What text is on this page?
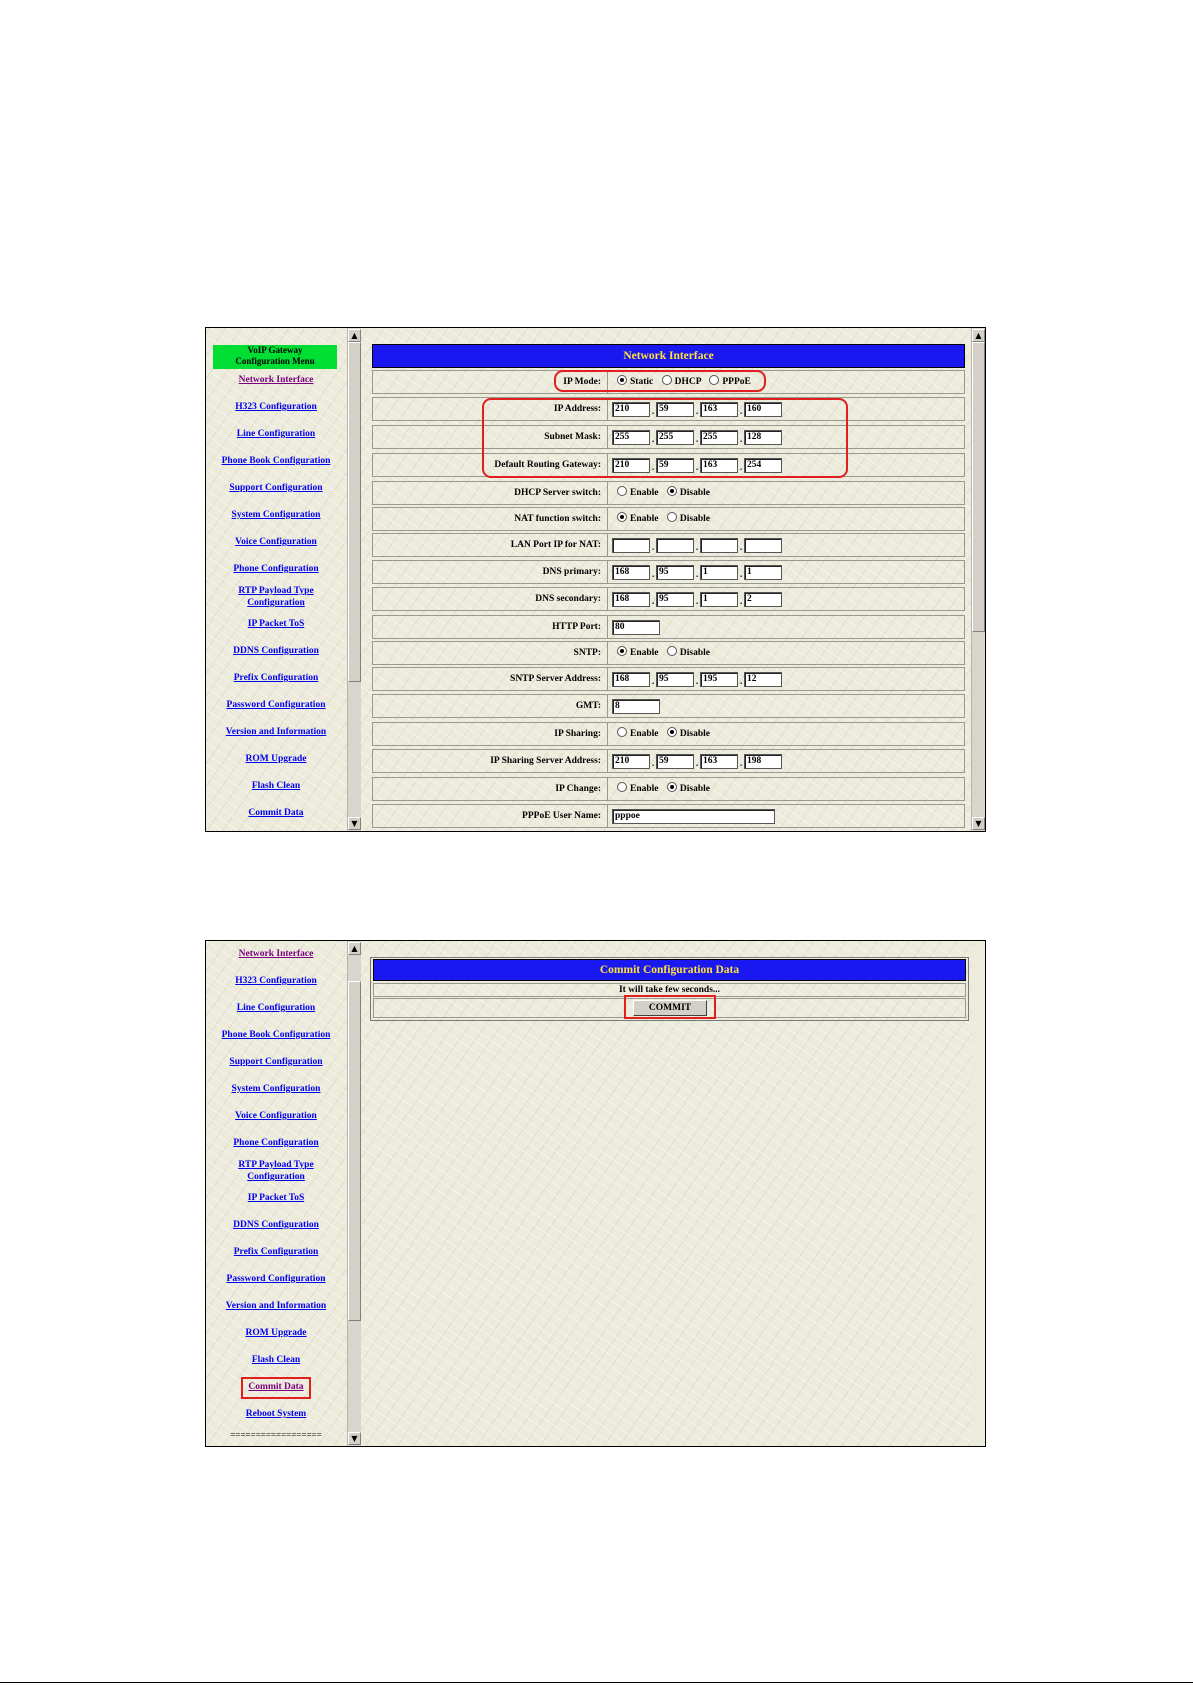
VoIP Gateway
Configuration Menu
Network Interface
H323 Configuration
Line Configuration
Phone Book Configuration
Support Configuration
System Configuration
Voice Configuration
Phone Configuration
RTP Payload Type
Configuration
IP Packet ToS
DDNS Configuration
Prefix Configuration
Password Configuration
Version and Information
ROM Upgrade
Flash Clean
Commit Data
▲
▼
Network Interface
IP Mode:	Static DHCP PPPoE
IP Address:	210	. 59	. 163	. 160
Subnet Mask:	255	. 255	. 255	. 128
Default Routing Gateway:	210	. 59	. 163	. 254
DHCP Server switch:	Enable Disable
NAT function switch:	Enable Disable
LAN Port IP for NAT:	.	.	.
DNS primary:	168	. 95	. 1	. 1
DNS secondary:	168	. 95	. 1	. 2
HTTP Port:	80
SNTP:	Enable Disable
SNTP Server Address:	168	. 95	. 195	. 12
GMT:	8
IP Sharing:	Enable Disable
IP Sharing Server Address:	210	. 59	. 163	. 198
IP Change:	Enable Disable
PPPoE User Name:	pppoe
▲
▼
Network Interface
H323 Configuration
Line Configuration
Phone Book Configuration
Support Configuration
System Configuration
Voice Configuration
Phone Configuration
RTP Payload Type
Configuration
IP Packet ToS
DDNS Configuration
Prefix Configuration
Password Configuration
Version and Information
ROM Upgrade
Flash Clean
Commit Data
Reboot System
==================
▲
▼
Commit Configuration Data
It will take few seconds...
COMMIT
